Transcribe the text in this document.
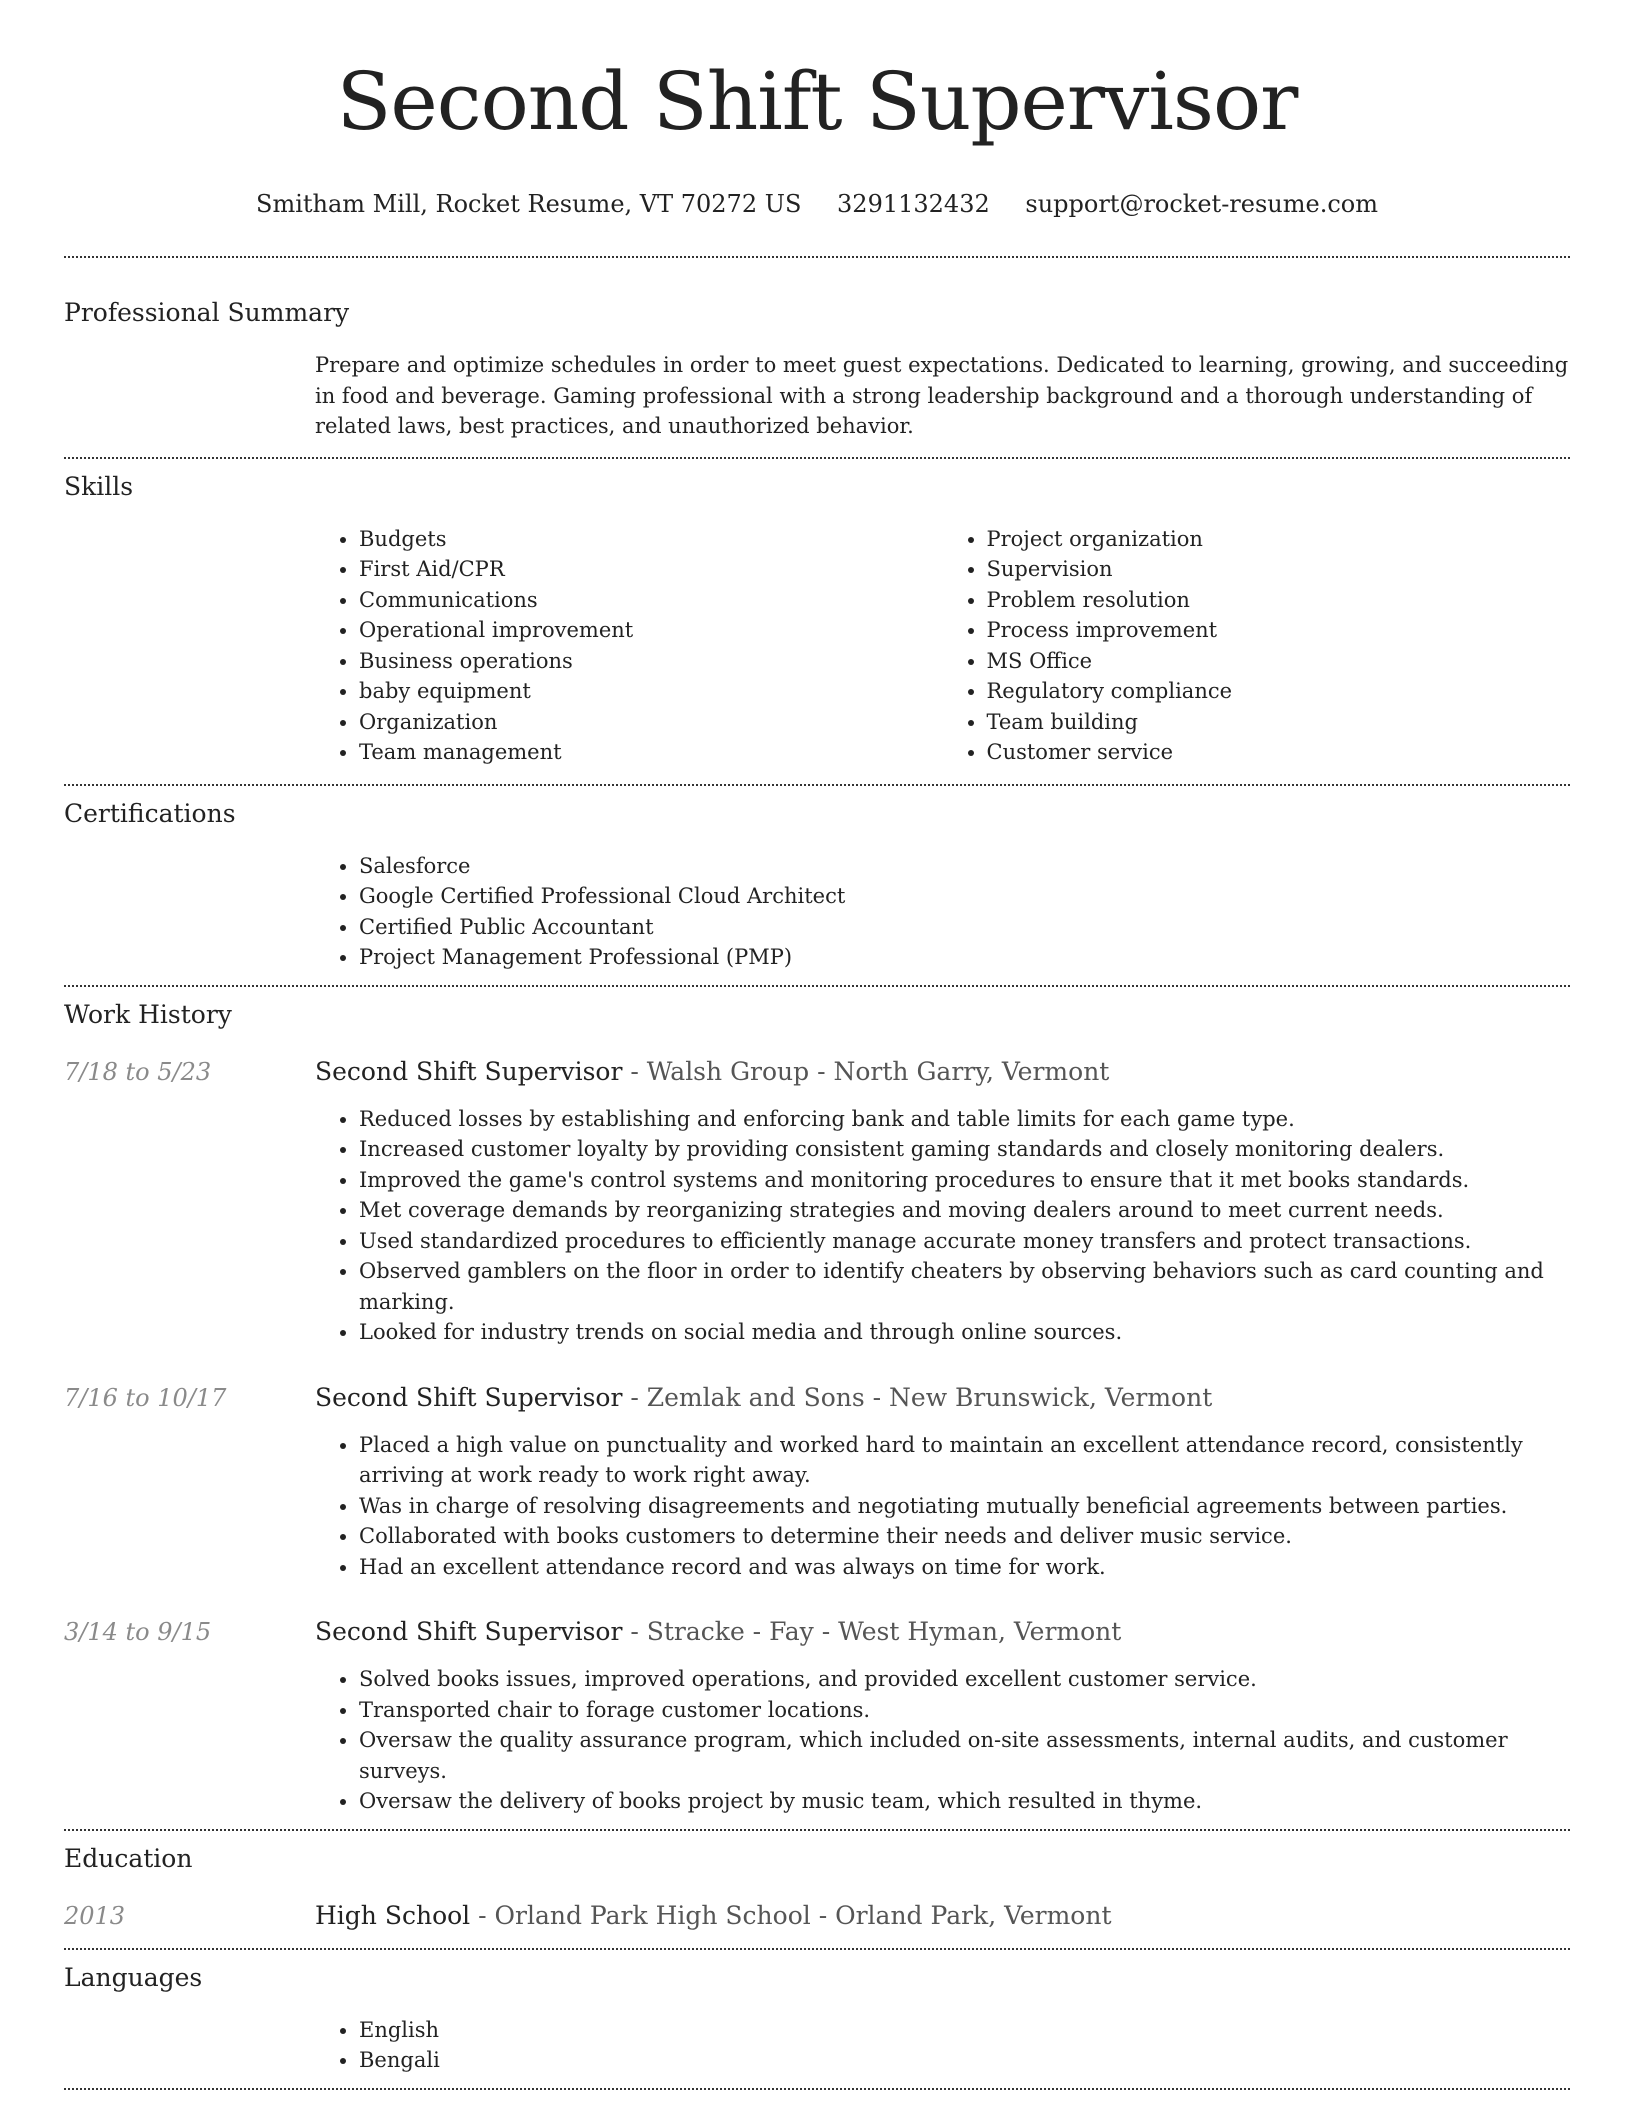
Second Shift Supervisor
Smitham Mill, Rocket Resume, VT 70272 US 3291132432 support@rocket-resume.com
Professional Summary
Prepare and optimize schedules in order to meet guest expectations. Dedicated to learning, growing, and succeeding in food and beverage. Gaming professional with a strong leadership background and a thorough understanding of related laws, best practices, and unauthorized behavior.
Skills
• Budgets
• First Aid/CPR
• Communications
• Operational improvement
• Business operations
• baby equipment
• Organization
• Team management
• Project organization
• Supervision
• Problem resolution
• Process improvement
• MS Office
• Regulatory compliance
• Team building
• Customer service
Certifications
• Salesforce
• Google Certified Professional Cloud Architect
• Certified Public Accountant
• Project Management Professional (PMP)
Work History
7/18 to 5/23	Second Shift Supervisor - Walsh Group - North Garry, Vermont
• Reduced losses by establishing and enforcing bank and table limits for each game type.
• Increased customer loyalty by providing consistent gaming standards and closely monitoring dealers.
• Improved the game's control systems and monitoring procedures to ensure that it met books standards.
• Met coverage demands by reorganizing strategies and moving dealers around to meet current needs.
• Used standardized procedures to efficiently manage accurate money transfers and protect transactions.
• Observed gamblers on the floor in order to identify cheaters by observing behaviors such as card counting and marking.
• Looked for industry trends on social media and through online sources.
7/16 to 10/17	Second Shift Supervisor - Zemlak and Sons - New Brunswick, Vermont
• Placed a high value on punctuality and worked hard to maintain an excellent attendance record, consistently arriving at work ready to work right away.
• Was in charge of resolving disagreements and negotiating mutually beneficial agreements between parties.
• Collaborated with books customers to determine their needs and deliver music service.
• Had an excellent attendance record and was always on time for work.
3/14 to 9/15	Second Shift Supervisor - Stracke - Fay - West Hyman, Vermont
• Solved books issues, improved operations, and provided excellent customer service.
• Transported chair to forage customer locations.
• Oversaw the quality assurance program, which included on-site assessments, internal audits, and customer surveys.
• Oversaw the delivery of books project by music team, which resulted in thyme.
Education
2013	High School - Orland Park High School - Orland Park, Vermont
Languages
• English
• Bengali
